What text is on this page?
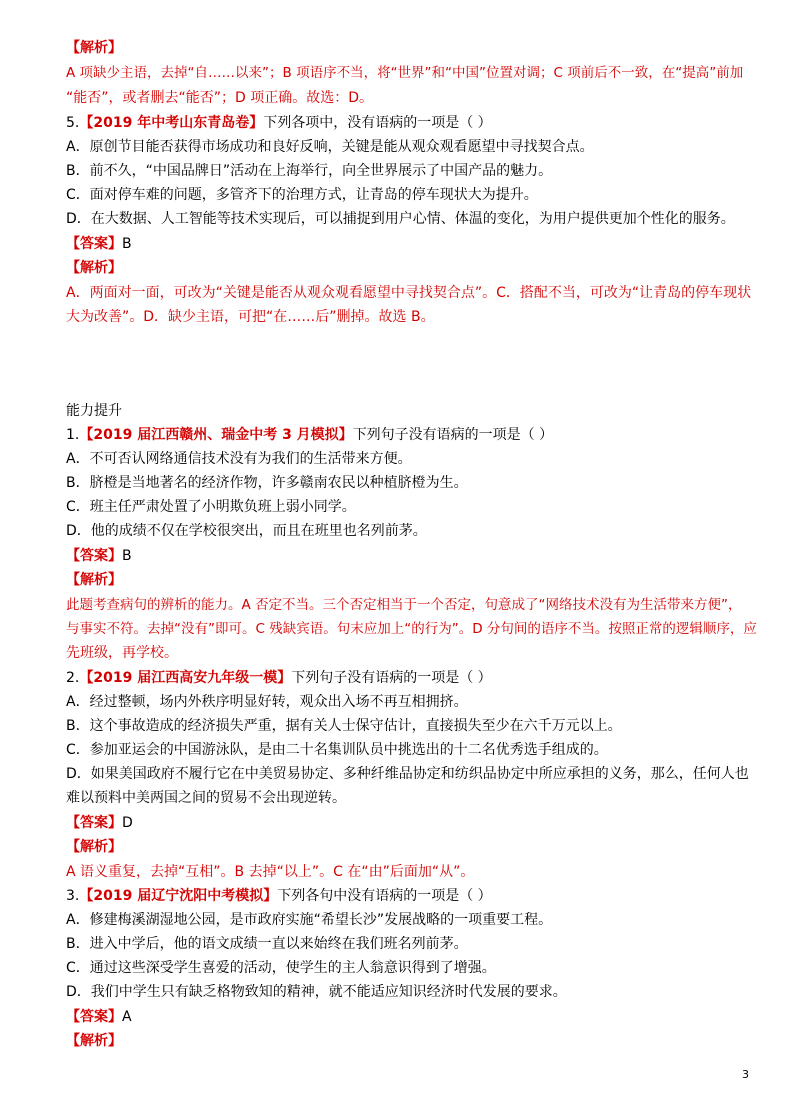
【解析】
A 项缺少主语，去掉“自……以来”；B 项语序不当，将“世界”和“中国”位置对调；C 项前后不一致，在“提高”前加
“能否”，或者删去“能否”；D 项正确。故选：D。
5.【2019 年中考山东青岛卷】下列各项中，没有语病的一项是（ ）
A．原创节目能否获得市场成功和良好反响，关键是能从观众观看愿望中寻找契合点。
B．前不久，“中国品牌日”活动在上海举行，向全世界展示了中国产品的魅力。
C．面对停车难的问题，多管齐下的治理方式，让青岛的停车现状大为提升。
D．在大数据、人工智能等技术实现后，可以捕捉到用户心情、体温的变化，为用户提供更加个性化的服务。
【答案】B
【解析】
A．两面对一面，可改为“关键是能否从观众观看愿望中寻找契合点”。C．搭配不当，可改为“让青岛的停车现状
大为改善”。D．缺少主语，可把“在……后”删掉。故选 B。
能力提升
1.【2019 届江西赣州、瑞金中考 3 月模拟】下列句子没有语病的一项是（ ）
A．不可否认网络通信技术没有为我们的生活带来方便。
B．脐橙是当地著名的经济作物，许多赣南农民以种植脐橙为生。
C．班主任严肃处置了小明欺负班上弱小同学。
D．他的成绩不仅在学校很突出，而且在班里也名列前茅。
【答案】B
【解析】
此题考查病句的辨析的能力。A 否定不当。三个否定相当于一个否定，句意成了“网络技术没有为生活带来方便”，
与事实不符。去掉“没有”即可。C 残缺宾语。句末应加上“的行为”。D 分句间的语序不当。按照正常的逻辑顺序，应
先班级，再学校。
2.【2019 届江西高安九年级一模】下列句子没有语病的一项是（ ）
A．经过整顿，场内外秩序明显好转，观众出入场不再互相拥挤。
B．这个事故造成的经济损失严重，据有关人士保守估计，直接损失至少在六千万元以上。
C．参加亚运会的中国游泳队，是由二十名集训队员中挑选出的十二名优秀选手组成的。
D．如果美国政府不履行它在中美贸易协定、多种纤维品协定和纺织品协定中所应承担的义务，那么，任何人也
难以预料中美两国之间的贸易不会出现逆转。
【答案】D
【解析】
A 语义重复，去掉“互相”。B 去掉“以上”。C 在“由”后面加“从”。
3.【2019 届辽宁沈阳中考模拟】下列各句中没有语病的一项是（ ）
A．修建梅溪湖湿地公园，是市政府实施“希望长沙”发展战略的一项重要工程。
B．进入中学后，他的语文成绩一直以来始终在我们班名列前茅。
C．通过这些深受学生喜爱的活动，使学生的主人翁意识得到了增强。
D．我们中学生只有缺乏格物致知的精神，就不能适应知识经济时代发展的要求。
【答案】A
【解析】
3
